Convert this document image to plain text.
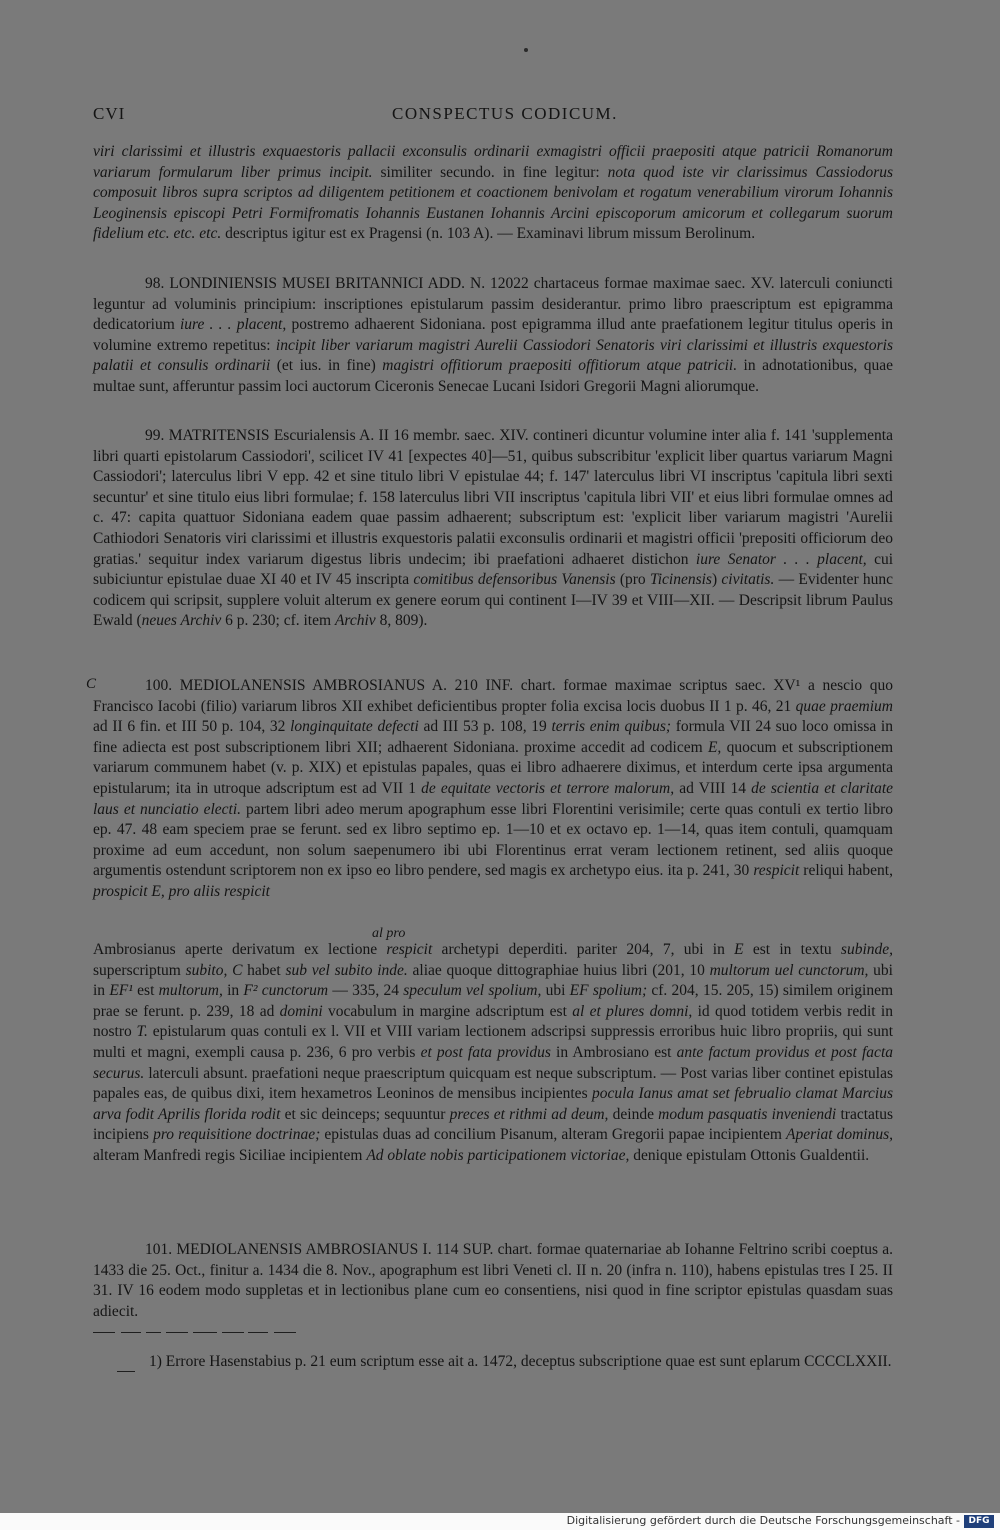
CVI	CONSPECTUS CODICUM.
viri clarissimi et illustris exquaestoris pallacii exconsulis ordinarii exmagistri officii praepositi atque patricii Romanorum variarum formularum liber primus incipit. similiter secundo. in fine legitur: nota quod iste vir clarissimus Cassiodorus composuit libros supra scriptos ad diligentem petitionem et coactionem benivolam et rogatum venerabilium virorum Iohannis Leoginensis episcopi Petri Formifromatis Iohannis Eustanen Iohannis Arcini episcoporum amicorum et collegarum suorum fidelium etc. etc. etc. descriptus igitur est ex Pragensi (n. 103 A). — Examinavi librum missum Berolinum.
98. LONDINIENSIS MUSEI BRITANNICI ADD. N. 12022 chartaceus formae maximae saec. XV. laterculi coniuncti leguntur ad voluminis principium: inscriptiones epistularum passim desiderantur. primo libro praescriptum est epigramma dedicatorium iure . . . placent, postremo adhaerent Sidoniana. post epigramma illud ante praefationem legitur titulus operis in volumine extremo repetitus: incipit liber variarum magistri Aurelii Cassiodori Senatoris viri clarissimi et illustris exquestoris palatii et consulis ordinarii (et ius. in fine) magistri offitiorum praepositi offitiorum atque patricii. in adnotationibus, quae multae sunt, afferuntur passim loci auctorum Ciceronis Senecae Lucani Isidori Gregorii Magni aliorumque.
99. MATRITENSIS Escurialensis A. II 16 membr. saec. XIV. contineri dicuntur volumine inter alia f. 141 'supplementa libri quarti epistolarum Cassiodori', scilicet IV 41 [expectes 40]—51, quibus subscribitur 'explicit liber quartus variarum Magni Cassiodori'; laterculus libri V epp. 42 et sine titulo libri V epistulae 44; f. 147' laterculus libri VI inscriptus 'capitula libri sexti secuntur' et sine titulo eius libri formulae; f. 158 laterculus libri VII inscriptus 'capitula libri VII' et eius libri formulae omnes ad c. 47: capita quattuor Sidoniana eadem quae passim adhaerent; subscriptum est: 'explicit liber variarum magistri 'Aurelii Cathiodori Senatoris viri clarissimi et illustris exquestoris palatii exconsulis ordinarii et magistri officii 'prepositi officiorum deo gratias.' sequitur index variarum digestus libris undecim; ibi praefationi adhaeret distichon iure Senator . . . placent, cui subiciuntur epistulae duae XI 40 et IV 45 inscripta comitibus defensoribus Vanensis (pro Ticinensis) civitatis. — Evidenter hunc codicem qui scripsit, supplere voluit alterum ex genere eorum qui continent I—IV 39 et VIII—XII. — Descripsit librum Paulus Ewald (neues Archiv 6 p. 230; cf. item Archiv 8, 809).
C	100. MEDIOLANENSIS AMBROSIANUS A. 210 INF. chart. formae maximae scriptus saec. XV¹ a nescio quo Francisco Iacobi (filio) variarum libros XII exhibet deficientibus propter folia excisa locis duobus II 1 p. 46, 21 quae praemium ad II 6 fin. et III 50 p. 104, 32 longinquitate defecti ad III 53 p. 108, 19 terris enim quibus; formula VII 24 suo loco omissa in fine adiecta est post subscriptionem libri XII; adhaerent Sidoniana. proxime accedit ad codicem E, quocum et subscriptionem variarum communem habet (v. p. XIX) et epistulas papales, quas ei libro adhaerere diximus, et interdum certe ipsa argumenta epistularum; ita in utroque adscriptum est ad VII 1 de equitate vectoris et terrore malorum, ad VIII 14 de scientia et claritate laus et nunciatio electi. partem libri adeo merum apographum esse libri Florentini verisimile; certe quas contuli ex tertio libro ep. 47. 48 eam speciem prae se ferunt. sed ex libro septimo ep. 1—10 et ex octavo ep. 1—14, quas item contuli, quamquam proxime ad eum accedunt, non solum saepenumero ibi ubi Florentinus errat veram lectionem retinent, sed aliis quoque argumentis ostendunt scriptorem non ex ipso eo libro pendere, sed magis ex archetypo eius. ita p. 241, 30 respicit reliqui habent, prospicit E, pro aliis respicit
al pro
Ambrosianus aperte derivatum ex lectione respicit archetypi deperditi. pariter 204, 7, ubi in E est in textu subinde, superscriptum subito, C habet sub vel subito inde. aliae quoque dittographiae huius libri (201, 10 multorum uel cunctorum, ubi in EF¹ est multorum, in F² cunctorum — 335, 24 speculum vel spolium, ubi EF spolium; cf. 204, 15. 205, 15) similem originem prae se ferunt. p. 239, 18 ad domini vocabulum in margine adscriptum est al et plures domni, id quod totidem verbis redit in nostro T. epistularum quas contuli ex l. VII et VIII variam lectionem adscripsi suppressis erroribus huic libro propriis, qui sunt multi et magni, exempli causa p. 236, 6 pro verbis et post fata providus in Ambrosiano est ante factum providus et post facta securus. laterculi absunt. praefationi neque praescriptum quicquam est neque subscriptum. — Post varias liber continet epistulas papales eas, de quibus dixi, item hexametros Leoninos de mensibus incipientes pocula Ianus amat set februalio clamat Marcius arva fodit Aprilis florida rodit et sic deinceps; sequuntur preces et rithmi ad deum, deinde modum pasquatis inveniendi tractatus incipiens pro requisitione doctrinae; epistulas duas ad concilium Pisanum, alteram Gregorii papae incipientem Aperiat dominus, alteram Manfredi regis Siciliae incipientem Ad oblate nobis participationem victoriae, denique epistulam Ottonis Gualdentii.
101. MEDIOLANENSIS AMBROSIANUS I. 114 SUP. chart. formae quaternariae ab Iohanne Feltrino scribi coeptus a. 1433 die 25. Oct., finitur a. 1434 die 8. Nov., apographum est libri Veneti cl. II n. 20 (infra n. 110), habens epistulas tres I 25. II 31. IV 16 eodem modo suppletas et in lectionibus plane cum eo consentiens, nisi quod in fine scriptor epistulas quasdam suas adiecit.
1) Errore Hasenstabius p. 21 eum scriptum esse ait a. 1472, deceptus subscriptione quae est sunt eplarum CCCCLXXII.
Digitalisierung gefördert durch die Deutsche Forschungsgemeinschaft - DFG
